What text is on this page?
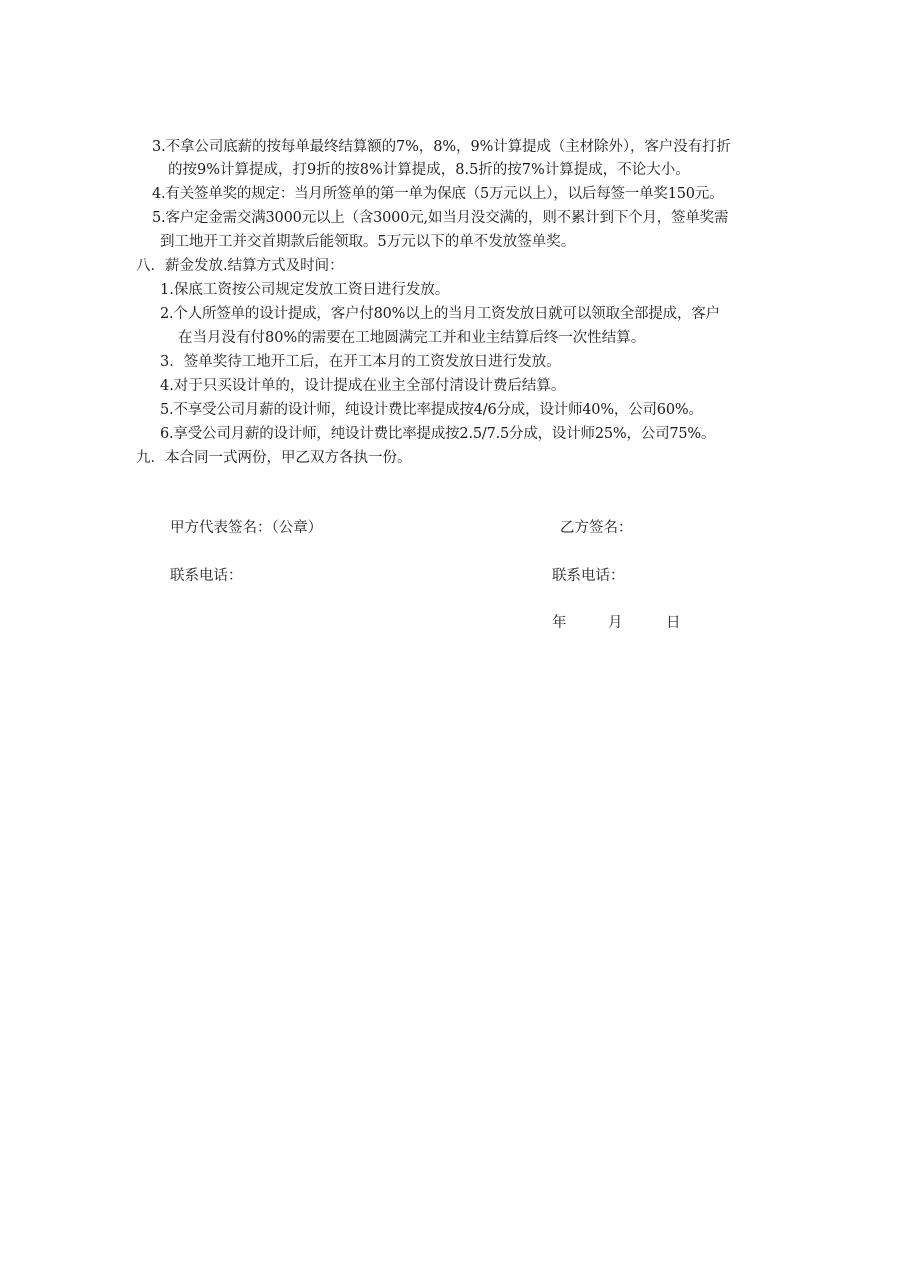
3.不拿公司底薪的按每单最终结算额的7%，8%，9%计算提成（主材除外），客户没有打折
的按9%计算提成，打9折的按8%计算提成，8.5折的按7%计算提成，不论大小。
4.有关签单奖的规定：当月所签单的第一单为保底（5万元以上），以后每签一单奖150元。
5.客户定金需交满3000元以上（含3000元,如当月没交满的，则不累计到下个月，签单奖需
到工地开工并交首期款后能领取。5万元以下的单不发放签单奖。
八．薪金发放.结算方式及时间：
1.保底工资按公司规定发放工资日进行发放。
2.个人所签单的设计提成，客户付80%以上的当月工资发放日就可以领取全部提成，客户
在当月没有付80%的需要在工地圆满完工并和业主结算后终一次性结算。
3．签单奖待工地开工后，在开工本月的工资发放日进行发放。
4.对于只买设计单的，设计提成在业主全部付清设计费后结算。
5.不享受公司月薪的设计师，纯设计费比率提成按4/6分成，设计师40%，公司60%。
6.享受公司月薪的设计师，纯设计费比率提成按2.5/7.5分成，设计师25%，公司75%。
九．本合同一式两份，甲乙双方各执一份。
甲方代表签名：（公章）	乙方签名：
联系电话：	联系电话：
年	月	日
